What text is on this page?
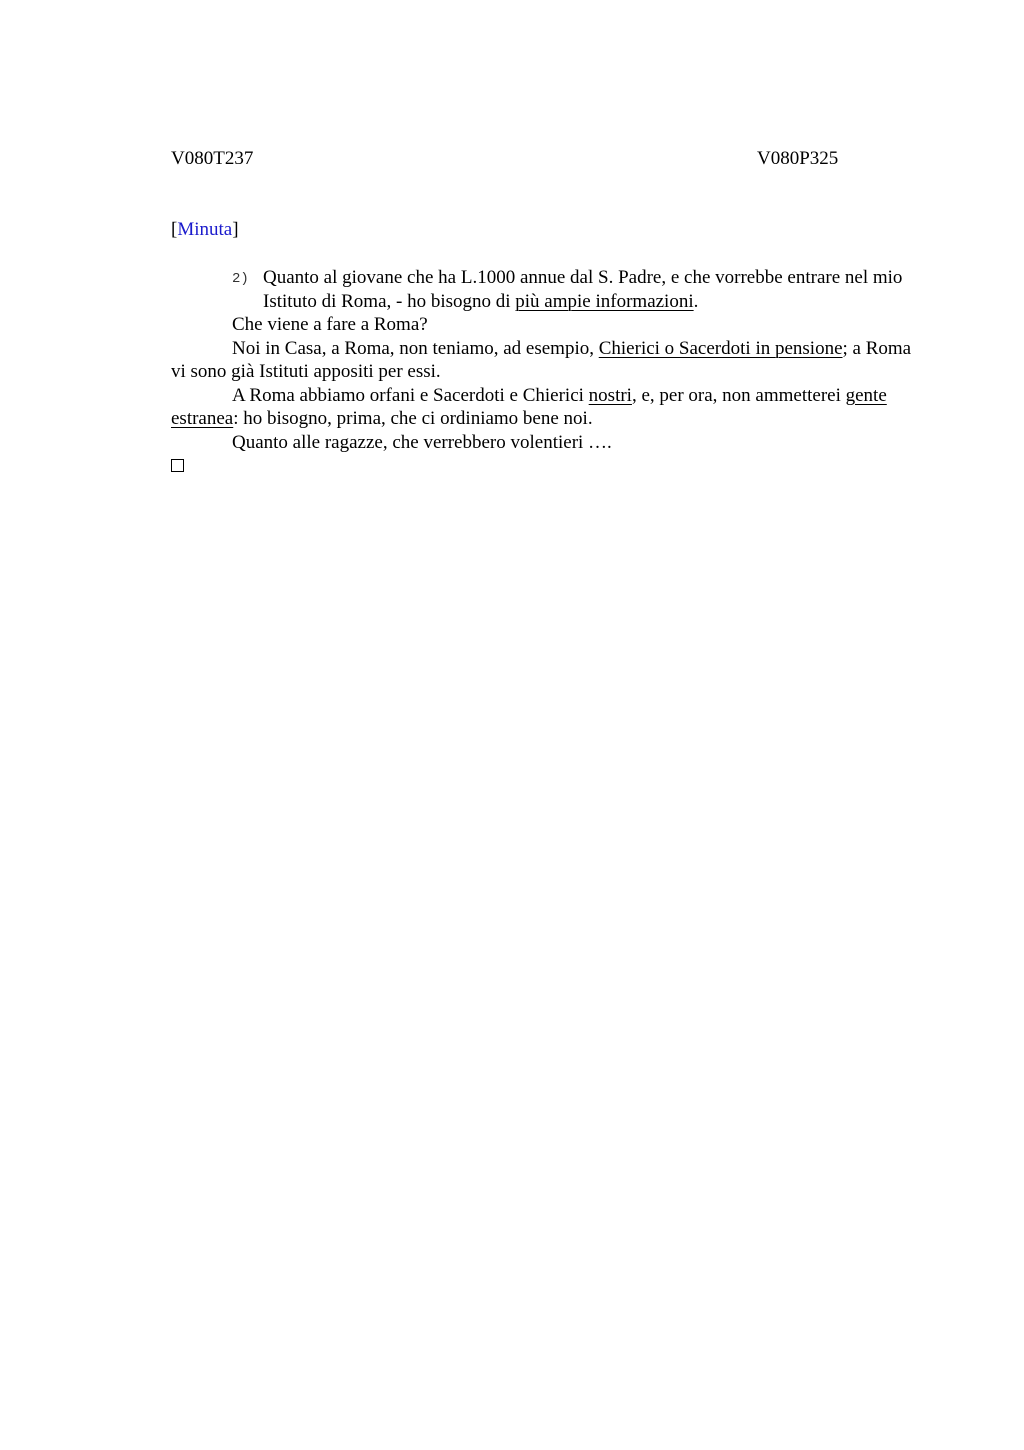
V080T237	V080P325
[Minuta]
2) Quanto al giovane che ha L.1000 annue dal S. Padre, e che vorrebbe entrare nel mio Istituto di Roma, - ho bisogno di più ampie informazioni.

Che viene a fare a Roma?

Noi in Casa, a Roma, non teniamo, ad esempio, Chierici o Sacerdoti in pensione; a Roma vi sono già Istituti appositi per essi.

A Roma abbiamo orfani e Sacerdoti e Chierici nostri, e, per ora, non ammetterei gente estranea: ho bisogno, prima, che ci ordiniamo bene noi.

Quanto alle ragazze, che verrebbero volentieri ….
